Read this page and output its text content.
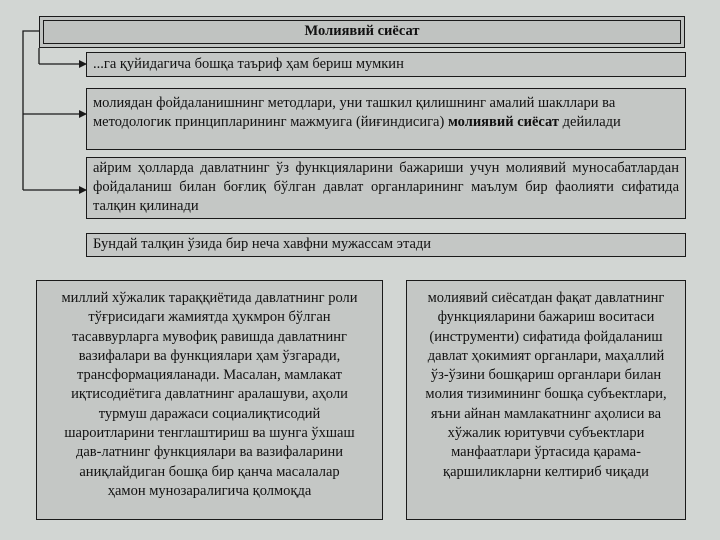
Молиявий сиёсат
...га қуйидагича бошқа таъриф ҳам бериш мумкин
молиядан фойдаланишнинг методлари, уни ташкил қилишнинг амалий шакллари ва
методологик принципларининг мажмуига (йиғиндисига) молиявий сиёсат дейилади
айрим ҳолларда давлатнинг ўз функцияларини бажариши учун молиявий муносабатлардан фойдаланиш билан боғлиқ бўлган давлат органларининг маълум бир фаолияти сифатида талқин қилинади
Бундай талқин ўзида бир неча хавфни мужассам этади
миллий хўжалик тараққиётида давлатнинг роли
тўғрисидаги жамиятда ҳукмрон бўлган
тасаввурларга мувофиқ равишда давлатнинг
вазифалари ва функциялари ҳам ўзгаради,
трансформацияланади. Масалан, мамлакат
иқтисодиётига давлатнинг аралашуви, аҳоли
турмуш даражаси социалиқтисодий
шароитларини тенглаштириш ва шунга ўхшаш
дав-латнинг функциялари ва вазифаларини
аниқлайдиган бошқа бир қанча масалалар
ҳамон мунозаралигича қолмоқда
молиявий сиёсатдан фақат давлатнинг
функцияларини бажариш воситаси
(инструменти) сифатида фойдаланиш
давлат ҳокимият органлари, маҳаллий
ўз-ўзини бошқариш органлари билан
молия тизимининг бошқа субъектлари,
яъни айнан мамлакатнинг аҳолиси ва
хўжалик юритувчи субъектлари
манфаатлари ўртасида қарама-
қаршиликларни келтириб чиқади
